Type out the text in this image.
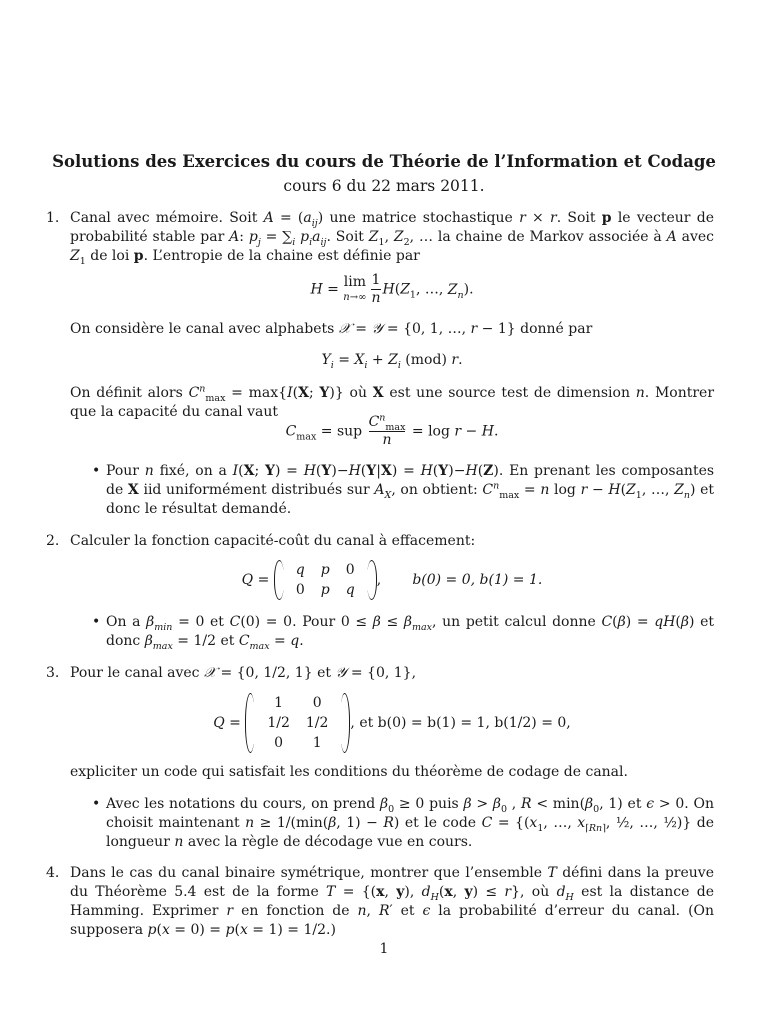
Solutions des Exercices du cours de Théorie de l’Information et Codage
cours 6 du 22 mars 2011.
1. Canal avec mémoire. Soit $A = (a_{ij})$ une matrice stochastique r × r. Soit p le vecteur de probabilité stable par A: $p_j = \sum_i$ $p_ia_{ij}$. Soit $Z_1$, $Z_2$, … la chaine de Markov associée à A avec $Z_1$ de loi p. L’entropie de la chaine est définie par

H = lim
$n\to\infty \frac{1}{n} H(Z_1$, …, $Z_n$).

On considère le canal avec alphabets 𝒳 = 𝒴 = {0, 1, …, r − 1} donné par

$Y_i = X_i + Z_i$ (mod) r.

On définit alors $C^n_{max} = \max\{I(X$; Y)} où X est une source test de dimension n. Montrer que la capacité du canal vaut

$C_{max}$ = sup $\frac{C^n_{max}}{n} = \log r - H$.
• Pour n fixé, on a I(X; Y) = H(Y)−H(Y|X) = H(Y)−H(Z). En prenant les composantes de X iid uniformément distribués sur $A_X$, on obtient: $C^n_{max} = n$ $\log r - H(Z_1$, …, $Z_n$) et donc le résultat demandé.

2. Calculer la fonction capacité-coût du canal à effacement:

Q =
q	p	0
0	p	q
,       b(0) = 0, b(1) = 1.
• On a $\beta_{min} = 0$ et C(0) = 0. Pour $0 \le \beta \le \beta_{max}$, un petit calcul donne C(β) = qH(β) et donc $\beta_{max} = 1/2$ et $C_{max} = q$.

3. Pour le canal avec 𝒳 = {0, 1/2, 1} et 𝒴 = {0, 1},

Q =
1	0
1/2	1/2
0	1
, et b(0) = b(1) = 1, b(1/2) = 0,

expliciter un code qui satisfait les conditions du théorème de codage de canal.

• Avec les notations du cours, on prend $\beta_0 \ge 0$ puis $\beta > \beta_0$ , $R < \min(\beta_0$, 1) et ϵ > 0. On choisit maintenant n ≥ 1/(min(β, 1) − R) et le code $C = \{(x_1$, …, $x_{⌈Rn⌉}$, ½, …, ½)} de longueur n avec la règle de décodage vue en cours.

4. Dans le cas du canal binaire symétrique, montrer que l’ensemble T défini dans la preuve du Théorème 5.4 est de la forme T = {(x, y), $d_H(x$, y) ≤ r}, où $d_H$ est la distance de Hamming. Exprimer r en fonction de n, R′ et ϵ la probabilité d’erreur du canal. (On supposera p(x = 0) = p(x = 1) = 1/2.)

1
